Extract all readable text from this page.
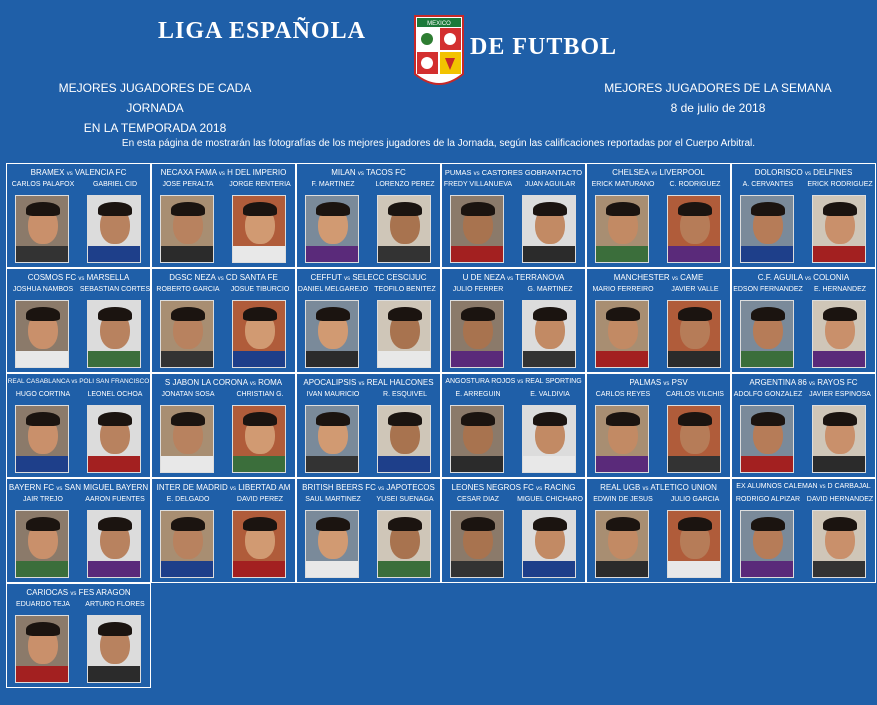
LIGA ESPAÑOLA	MEXICO
DE FUTBOL
MEJORES JUGADORES DE CADA JORNADA
EN LA TEMPORADA 2018
MEJORES JUGADORES DE LA SEMANA
8 de julio de 2018
En esta página de mostrarán las fotografías de los mejores jugadores de la Jornada, según las calificaciones reportadas por el Cuerpo Arbitral.
BRAMEX vs VALENCIA FC
CARLOS PALAFOX	GABRIEL CID
NECAXA FAMA vs H DEL IMPERIO
JOSE PERALTA	JORGE RENTERIA
MILAN vs TACOS FC
F. MARTINEZ	LORENZO PEREZ
PUMAS vs CASTORES GOBRANTACTO
FREDY VILLANUEVA	JUAN AGUILAR
CHELSEA vs LIVERPOOL
ERICK MATURANO	C. RODRIGUEZ
DOLORISCO vs DELFINES
A. CERVANTES	ERICK RODRIGUEZ
COSMOS FC vs MARSELLA
JOSHUA NAMBOS SEBASTIAN CORTES
DGSC NEZA vs CD SANTA FE
ROBERTO GARCIA	JOSUE TIBURCIO
CEFFUT vs SELECC CESCIJUC
DANIEL MELGAREJO TEOFILO BENITEZ
U DE NEZA vs TERRANOVA
JULIO FERRER	G. MARTINEZ
MANCHESTER vs CAME
MARIO FERREIRO	JAVIER VALLE
C.F. AGUILA vs COLONIA
EDSON FERNANDEZ	E. HERNANDEZ
REAL CASABLANCA vs POLI SAN FRANCISCO
HUGO CORTINA	LEONEL OCHOA
S JABON LA CORONA vs ROMA
JONATAN SOSA	CHRISTIAN G.
APOCALIPSIS vs REAL HALCONES
IVAN MAURICIO	R. ESQUIVEL
ANGOSTURA ROJOS vs REAL SPORTING
E. ARREGUIN	E. VALDIVIA
PALMAS vs PSV
CARLOS REYES	CARLOS VILCHIS
ARGENTINA 86 vs RAYOS FC
ADOLFO GONZALEZ JAVIER ESPINOSA
BAYERN FC vs SAN MIGUEL BAYERN
JAIR TREJO	AARON FUENTES
INTER DE MADRID vs LIBERTAD AM
E. DELGADO	DAVID PEREZ
BRITISH BEERS FC vs JAPOTECOS
SAUL MARTINEZ	YUSEI SUENAGA
LEONES NEGROS FC vs RACING
CESAR DIAZ	MIGUEL CHICHARO
REAL UGB vs ATLETICO UNION
EDWIN DE JESUS	JULIO GARCIA
EX ALUMNOS CALEMAN vs D CARBAJAL
RODRIGO ALPIZAR DAVID HERNANDEZ
CARIOCAS vs FES ARAGON
EDUARDO TEJA	ARTURO FLORES
